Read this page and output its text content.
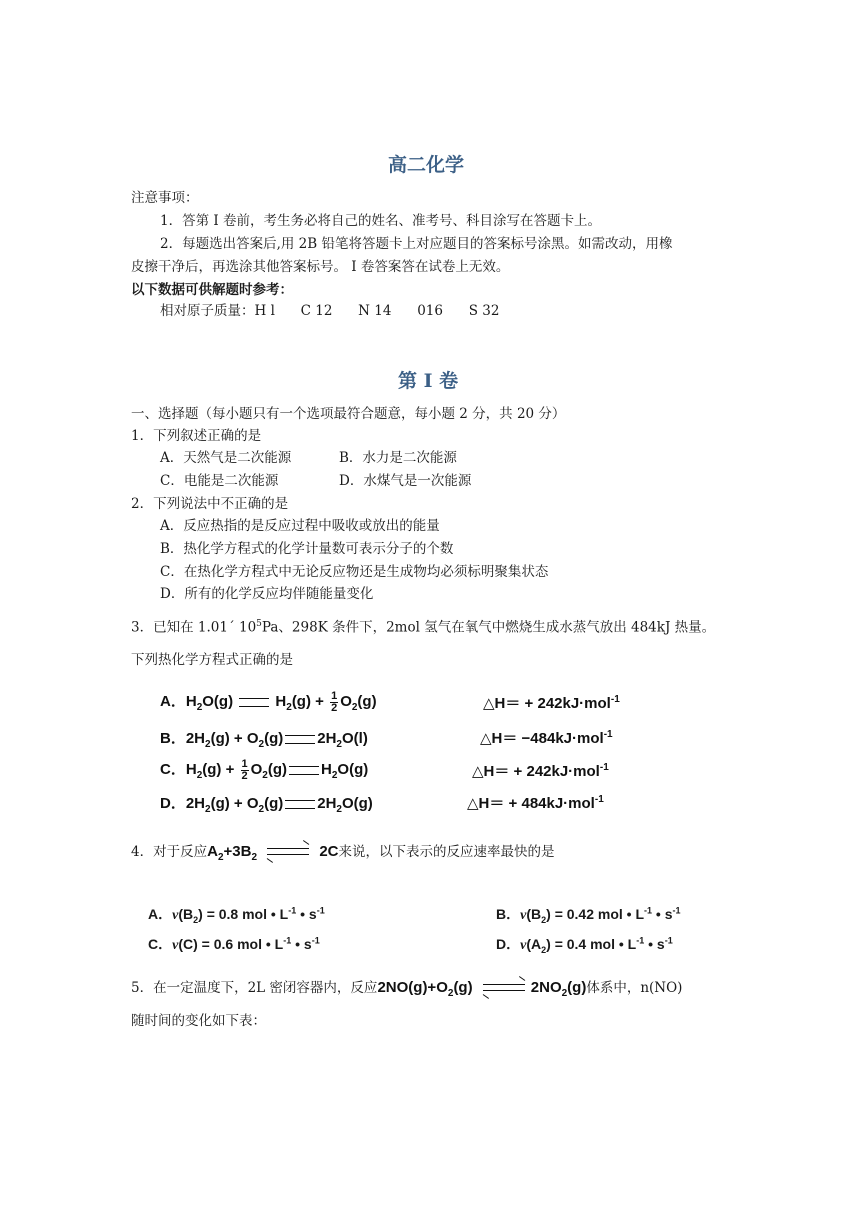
高二化学
注意事项：
1．答第 I 卷前，考生务必将自己的姓名、准考号、科目涂写在答题卡上。
2．每题选出答案后,用 2B 铅笔将答题卡上对应题目的答案标号涂黑。如需改动，用橡
皮擦干净后，再选涂其他答案标号。 I 卷答案答在试卷上无效。
以下数据可供解题时参考：
相对原子质量：H l      C 12      N 14      016      S 32
第 I 卷
一、选择题（每小题只有一个选项最符合题意，每小题 2 分，共 20 分）
1．下列叙述正确的是
A．天然气是二次能源	B．水力是二次能源
C．电能是二次能源	D．水煤气是一次能源
2．下列说法中不正确的是
A．反应热指的是反应过程中吸收或放出的能量
B．热化学方程式的化学计量数可表示分子的个数
C．在热化学方程式中无论反应物还是生成物均必须标明聚集状态
D．所有的化学反应均伴随能量变化
3．已知在 1.01´ $10^5Pa$、298K 条件下，2mol 氢气在氧气中燃烧生成水蒸气放出 484kJ 热量。
下列热化学方程式正确的是
A．$H_2O(g) H_2(g) + \frac{1}{2} O_2(g)$	△H＝ + 242kJ·mol$^{-1}$
B．$2H_2(g) + O_2(g)$ $2H_2O(l)$	△H＝ −484kJ·mol$^{-1}$
C．$H_2(g) + \frac{1}{2} O_2(g)$ $H_2O(g)$	△H＝ + 242kJ·mol$^{-1}$
D．$2H_2(g) + O_2(g)$ $2H_2O(g)$	△H＝ + 484kJ·mol$^{-1}$
4．对于反应$A_2+3B_2$	2C来说，以下表示的反应速率最快的是
A．$v(B_2) = 0.8$ mol • $L^{-1}$ • $s^{-1}$	B．$v(B_2) = 0.42$ mol • $L^{-1}$ • $s^{-1}$
C．v(C) = 0.6 mol • $L^{-1}$ • $s^{-1}$	D．$v(A_2) = 0.4$ mol • $L^{-1}$ • $s^{-1}$
5．在一定温度下，2L 密闭容器内，反应$2NO(g)+O_2(g)$	$2NO_2(g)$体系中，n(NO)
随时间的变化如下表：
